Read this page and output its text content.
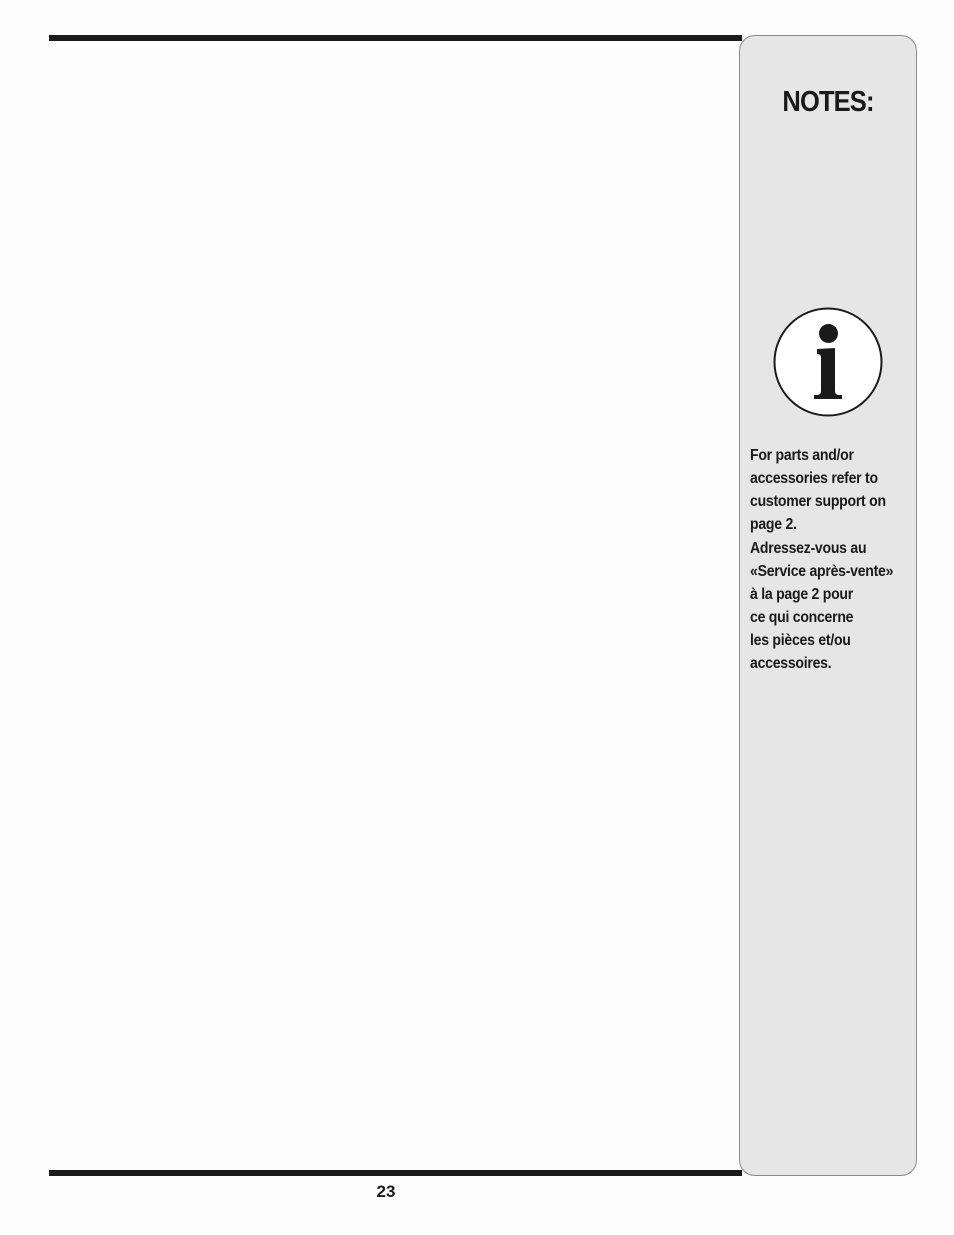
NOTES:

For parts and/or

accessories refer to

customer support on

page 2.

Adressez-vous au

«Service après-vente»

à la page 2 pour

ce qui concerne

les pièces et/ou

accessoires.

23
